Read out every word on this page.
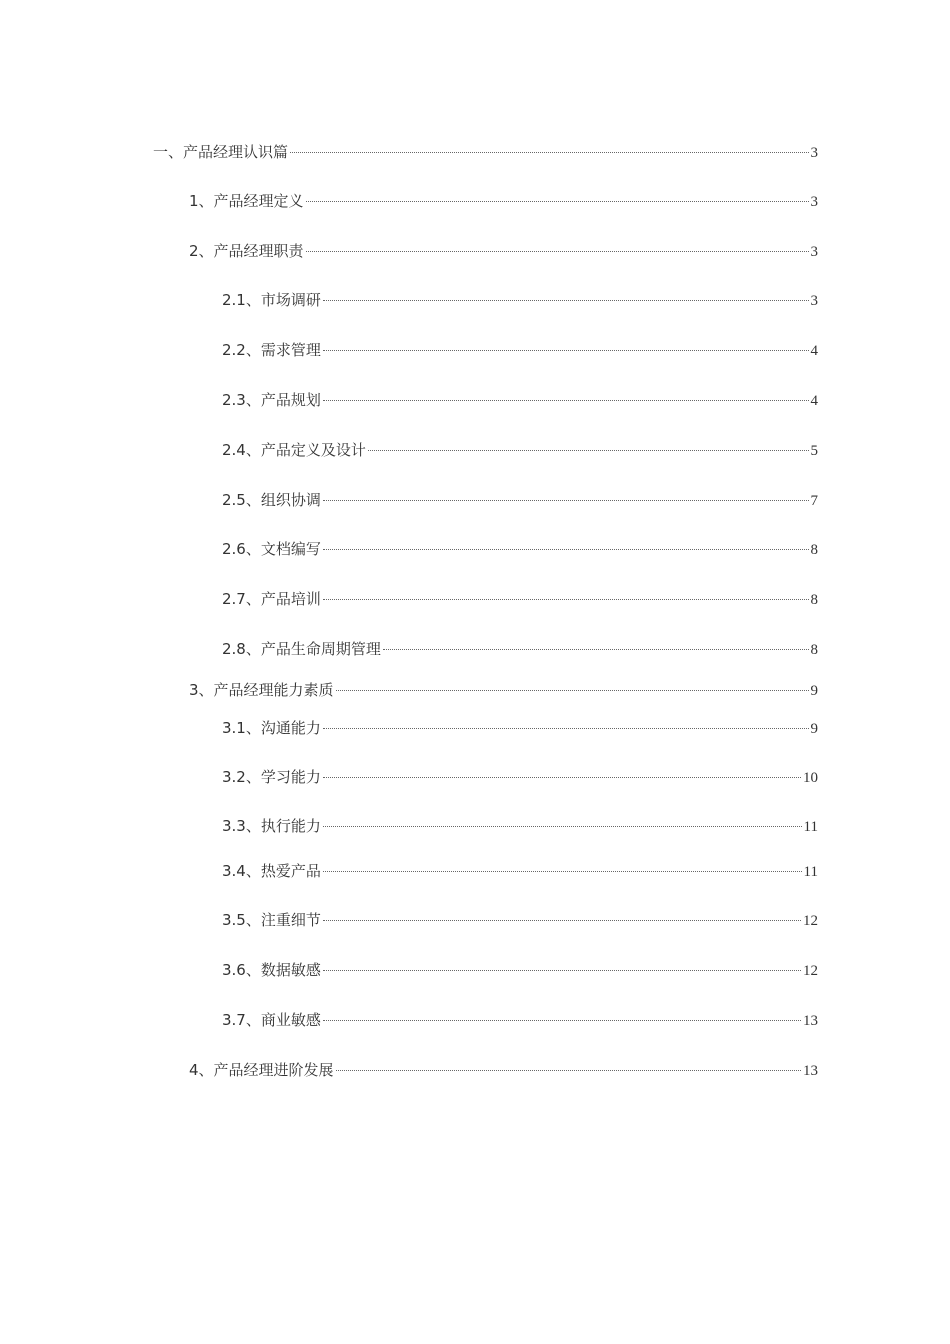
一、产品经理认识篇	3
1、产品经理定义	3
2、产品经理职责	3
2.1、市场调研	3
2.2、需求管理	4
2.3、产品规划	4
2.4、产品定义及设计	5
2.5、组织协调	7
2.6、文档编写	8
2.7、产品培训	8
2.8、产品生命周期管理	8
3、产品经理能力素质	9
3.1、沟通能力	9
3.2、学习能力	10
3.3、执行能力	11
3.4、热爱产品	11
3.5、注重细节	12
3.6、数据敏感	12
3.7、商业敏感	13
4、产品经理进阶发展	13
